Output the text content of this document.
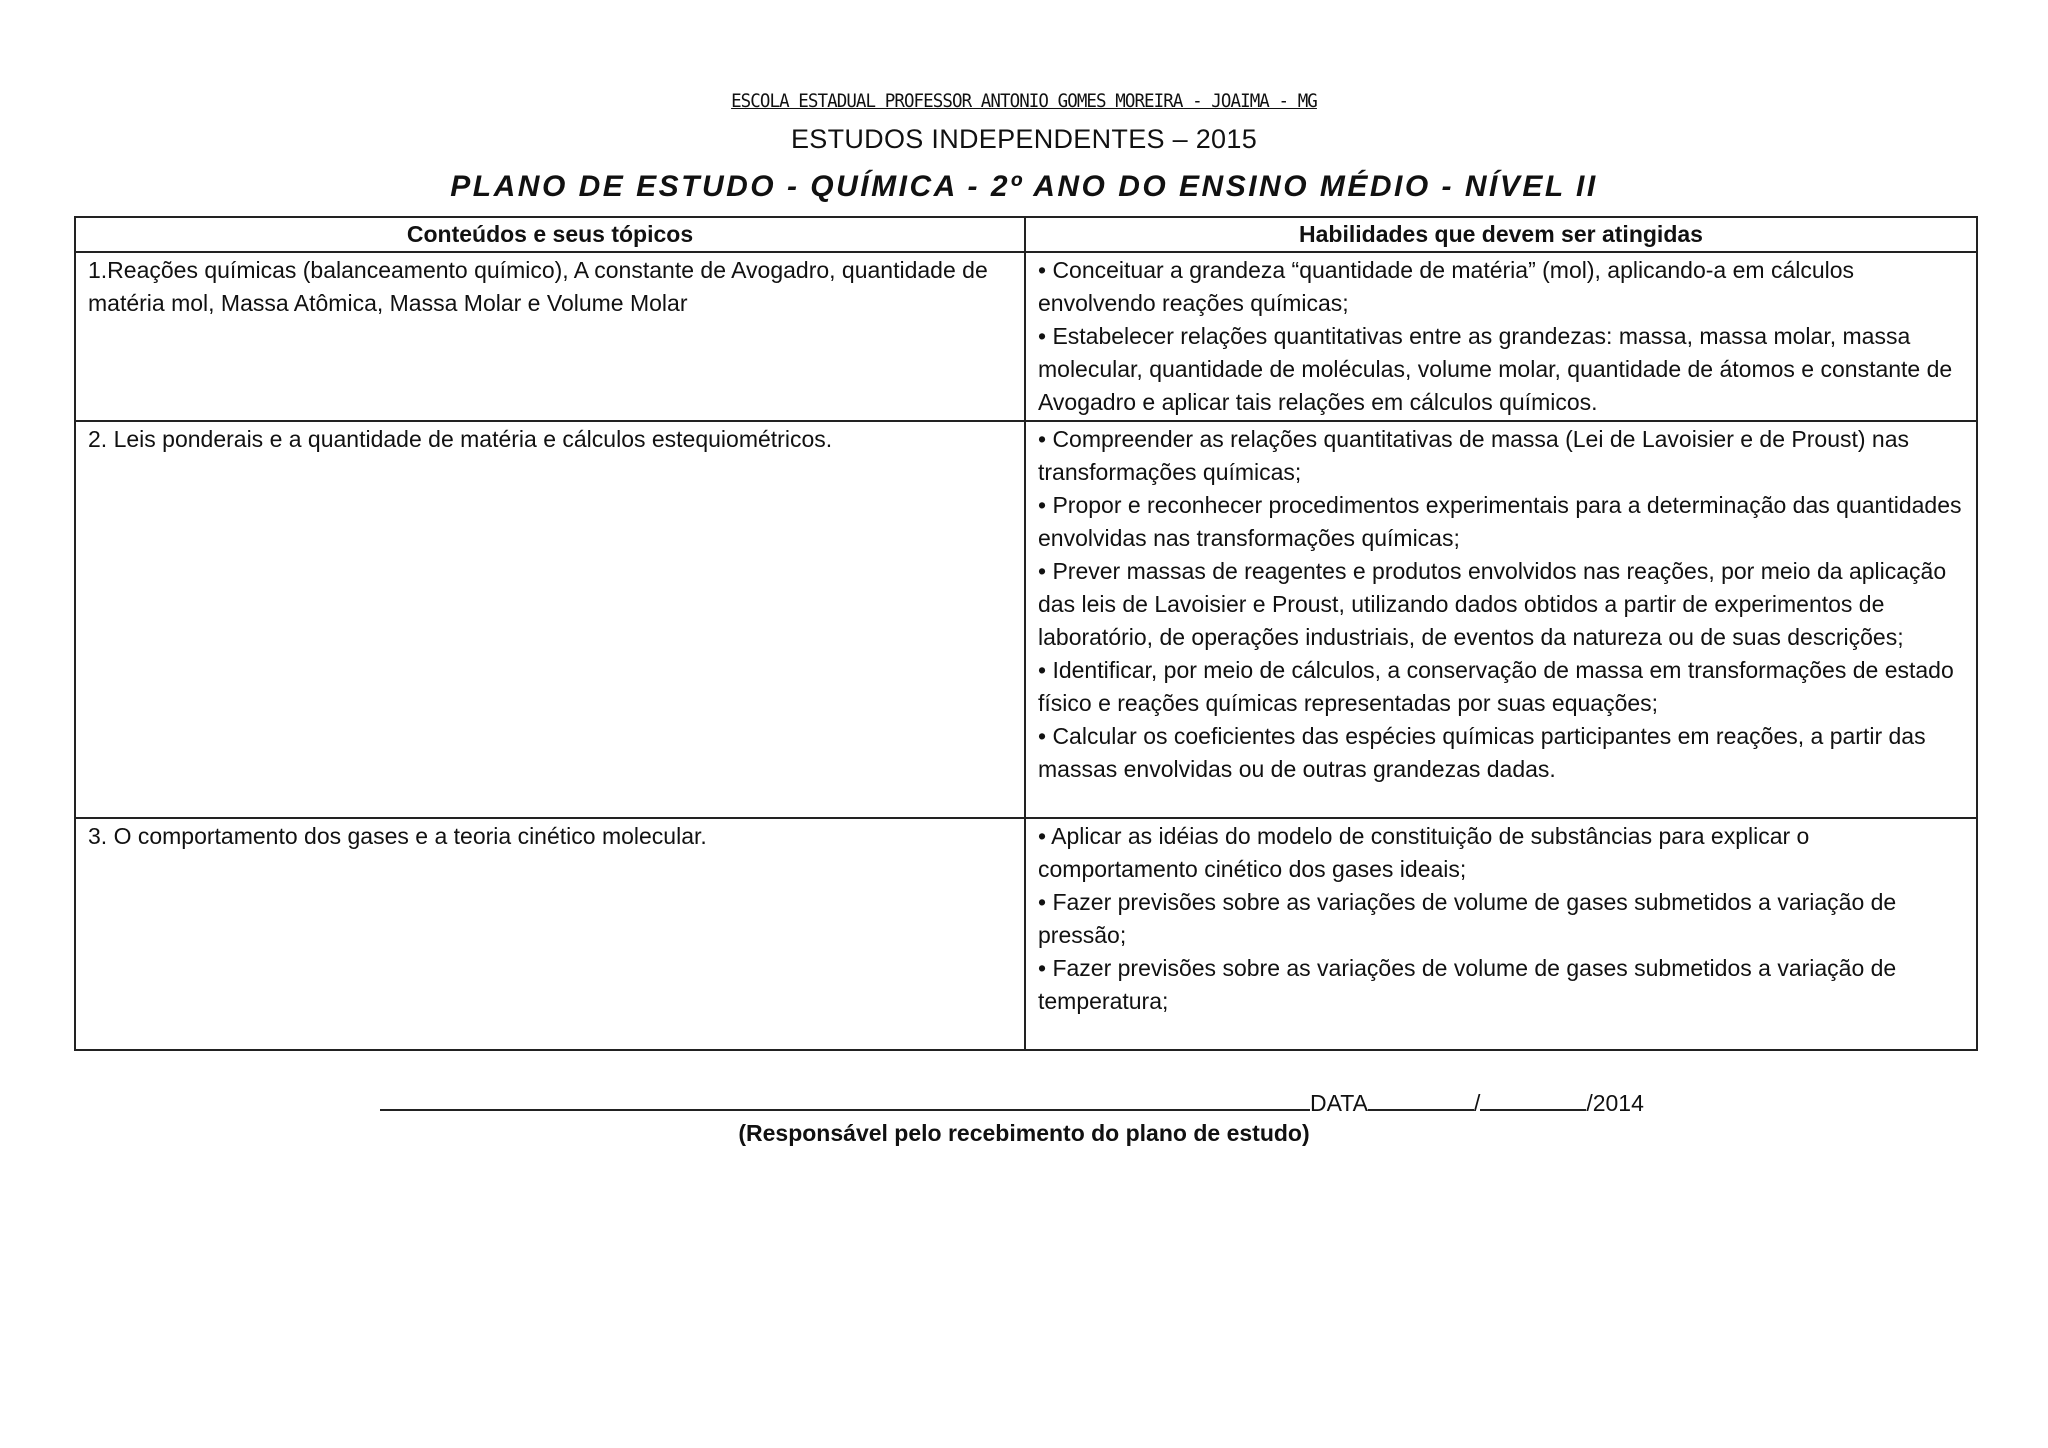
ESCOLA ESTADUAL PROFESSOR ANTONIO GOMES MOREIRA - JOAIMA - MG
ESTUDOS INDEPENDENTES – 2015
PLANO DE ESTUDO - QUÍMICA - 2º ANO DO ENSINO MÉDIO - NÍVEL II
Conteúdos e seus tópicos	Habilidades que devem ser atingidas
1.Reações químicas (balanceamento químico), A constante de Avogadro, quantidade de matéria mol, Massa Atômica, Massa Molar e Volume Molar	• Conceituar a grandeza “quantidade de matéria” (mol), aplicando-a em cálculos envolvendo reações químicas;
• Estabelecer relações quantitativas entre as grandezas: massa, massa molar, massa molecular, quantidade de moléculas, volume molar, quantidade de átomos e constante de Avogadro e aplicar tais relações em cálculos químicos.

2. Leis ponderais e a quantidade de matéria e cálculos estequiométricos.	• Compreender as relações quantitativas de massa (Lei de Lavoisier e de Proust) nas transformações químicas;
• Propor e reconhecer procedimentos experimentais para a determinação das quantidades envolvidas nas transformações químicas;
• Prever massas de reagentes e produtos envolvidos nas reações, por meio da aplicação das leis de Lavoisier e Proust, utilizando dados obtidos a partir de experimentos de laboratório, de operações industriais, de eventos da natureza ou de suas descrições;
• Identificar, por meio de cálculos, a conservação de massa em transformações de estado físico e reações químicas representadas por suas equações;
• Calcular os coeficientes das espécies químicas participantes em reações, a partir das massas envolvidas ou de outras grandezas dadas.

3. O comportamento dos gases e a teoria cinético molecular.	• Aplicar as idéias do modelo de constituição de substâncias para explicar o comportamento cinético dos gases ideais;
• Fazer previsões sobre as variações de volume de gases submetidos a variação de pressão;
• Fazer previsões sobre as variações de volume de gases submetidos a variação de temperatura;
DATA	/	/2014
(Responsável pelo recebimento do plano de estudo)
